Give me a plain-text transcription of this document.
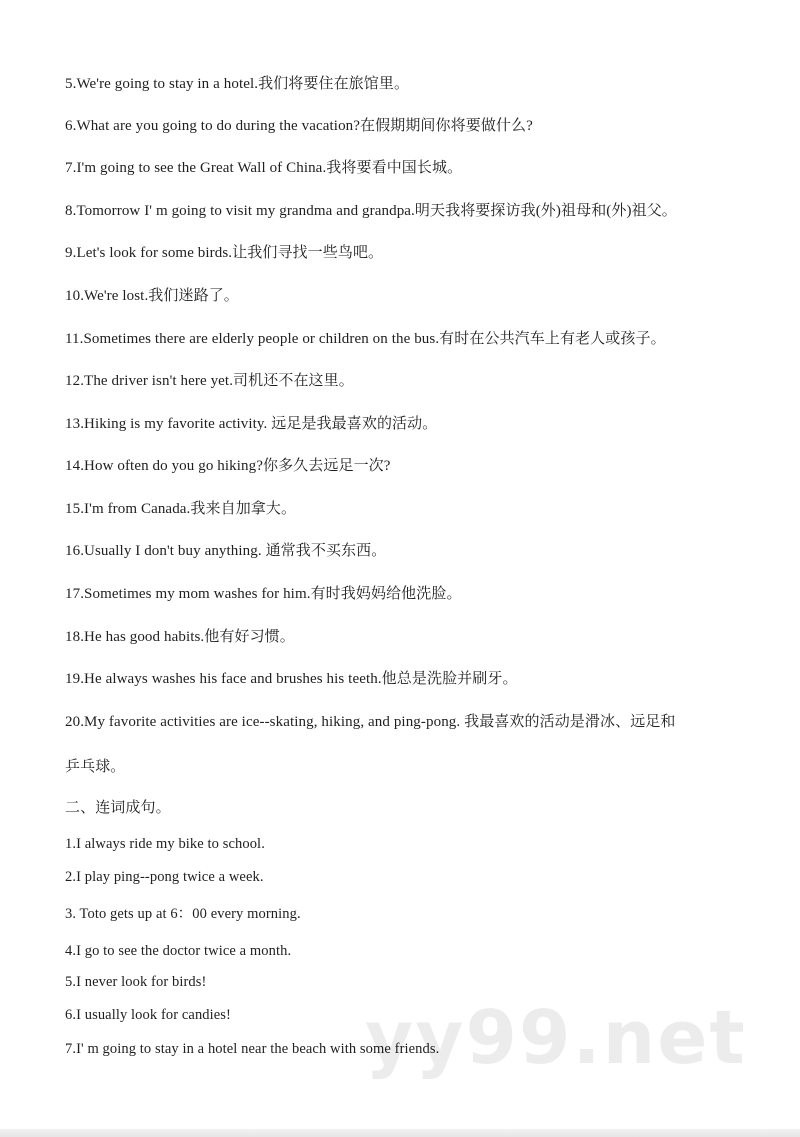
5.We're going to stay in a hotel.我们将要住在旅馆里。
6.What are you going to do during the vacation?在假期期间你将要做什么?
7.I'm going to see the Great Wall of China.我将要看中国长城。
8.Tomorrow I' m going to visit my grandma and grandpa.明天我将要探访我(外)祖母和(外)祖父。
9.Let's look for some birds.让我们寻找一些鸟吧。
10.We're lost.我们迷路了。
11.Sometimes there are elderly people or children on the bus.有时在公共汽车上有老人或孩子。
12.The driver isn't here yet.司机还不在这里。
13.Hiking is my favorite activity. 远足是我最喜欢的活动。
14.How often do you go hiking?你多久去远足一次?
15.I'm from Canada.我来自加拿大。
16.Usually I don't buy anything. 通常我不买东西。
17.Sometimes my mom washes for him.有时我妈妈给他洗脸。
18.He has good habits.他有好习惯。
19.He always washes his face and brushes his teeth.他总是洗脸并刷牙。
20.My favorite activities are ice--skating, hiking, and ping-pong. 我最喜欢的活动是滑冰、远足和
乒乓球。
二、连词成句。
1.I always ride my bike to school.
2.I play ping--pong twice a week.
3. Toto gets up at 6：00 every morning.
4.I go to see the doctor twice a month.
5.I never look for birds!
6.I usually look for candies!
7.I' m going to stay in a hotel near the beach with some friends.
yy99.net
